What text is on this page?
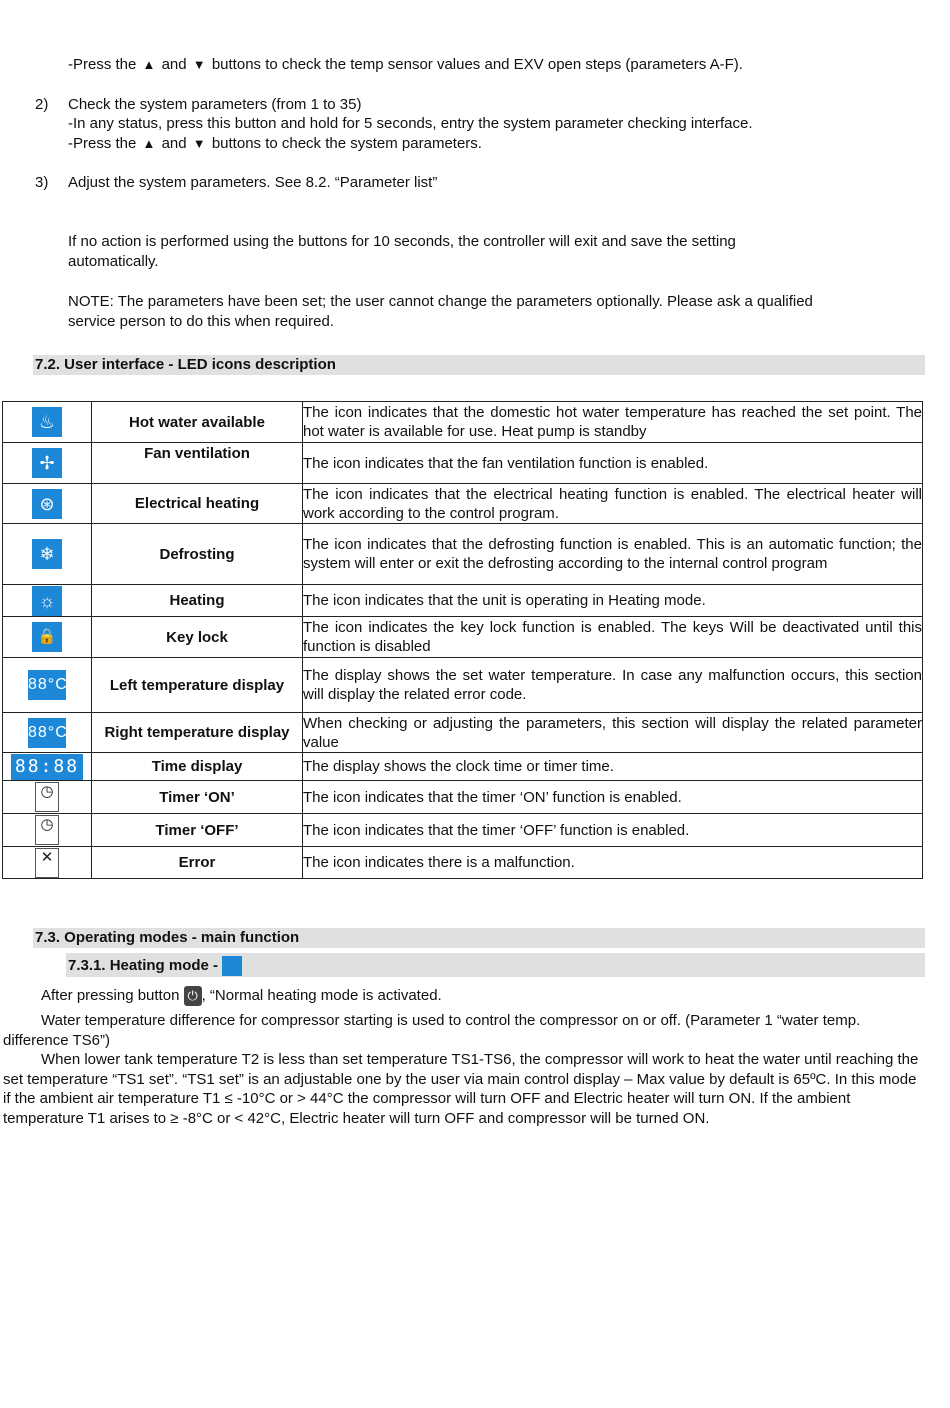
-Press the ▲ and ▼ buttons to check the temp sensor values and EXV open steps (parameters A-F).
2) Check the system parameters (from 1 to 35)
-In any status, press this button and hold for 5 seconds, entry the system parameter checking interface.
-Press the ▲ and ▼ buttons to check the system parameters.
3) Adjust the system parameters. See 8.2. “Parameter list”
If no action is performed using the buttons for 10 seconds, the controller will exit and save the setting
automatically.
NOTE: The parameters have been set; the user cannot change the parameters optionally. Please ask a qualified
service person to do this when required.
7.2. User interface - LED icons description
♨	Hot water available	The icon indicates that the domestic hot water temperature has reached the set point. The hot water is available for use. Heat pump is standby
✢	Fan ventilation	The icon indicates that the fan ventilation function is enabled.
⊛	Electrical heating	The icon indicates that the electrical heating function is enabled. The electrical heater will work according to the control program.
❄	Defrosting	The icon indicates that the defrosting function is enabled. This is an automatic function; the system will enter or exit the defrosting according to the internal control program
☼	Heating	The icon indicates that the unit is operating in Heating mode.
🔒	Key lock	The icon indicates the key lock function is enabled. The keys Will be deactivated until this function is disabled
88°C	Left temperature display	The display shows the set water temperature. In case any malfunction occurs, this section will display the related error code.
88°C	Right temperature display	When checking or adjusting the parameters, this section will display the related parameter value
88:88	Time display	The display shows the clock time or timer time.
◷	Timer ‘ON’	The icon indicates that the timer ‘ON’ function is enabled.
◷	Timer ‘OFF’	The icon indicates that the timer ‘OFF’ function is enabled.
✕	Error	The icon indicates there is a malfunction.
7.3. Operating modes - main function
7.3.1. Heating mode -

After pressing button ⏻ , “Normal heating mode is activated.

Water temperature difference for compressor starting is used to control the compressor on or off. (Parameter 1 “water temp. difference TS6”)

When lower tank temperature T2 is less than set temperature TS1-TS6, the compressor will work to heat the water until reaching the set temperature “TS1 set”. “TS1 set” is an adjustable one by the user via main control display – Max value by default is 65ºC. In this mode if the ambient air temperature T1 ≤ -10°C or > 44°C the compressor will turn OFF and Electric heater will turn ON. If the ambient temperature T1 arises to ≥ -8°C or < 42°C, Electric heater will turn OFF and compressor will be turned ON.
